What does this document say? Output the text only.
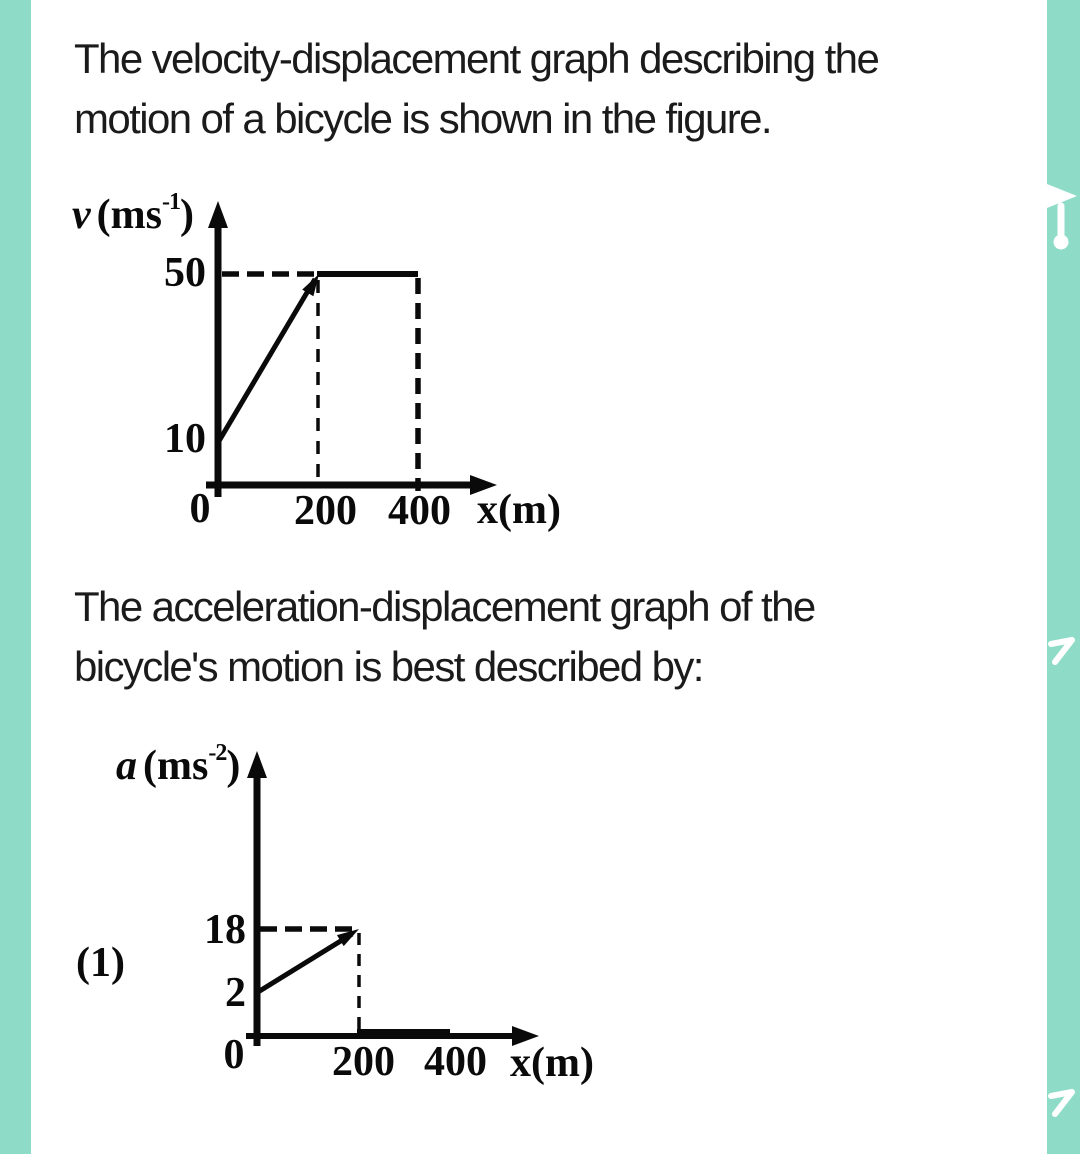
The velocity-displacement graph describing the
motion of a bicycle is shown in the figure.
v $(ms^{-1})$
50
10
0 200 400 x(m)
The acceleration-displacement graph of the
bicycle's motion is best described by:
a $(ms^{-2})$
(1)
18
2
0 200 400 x(m)
